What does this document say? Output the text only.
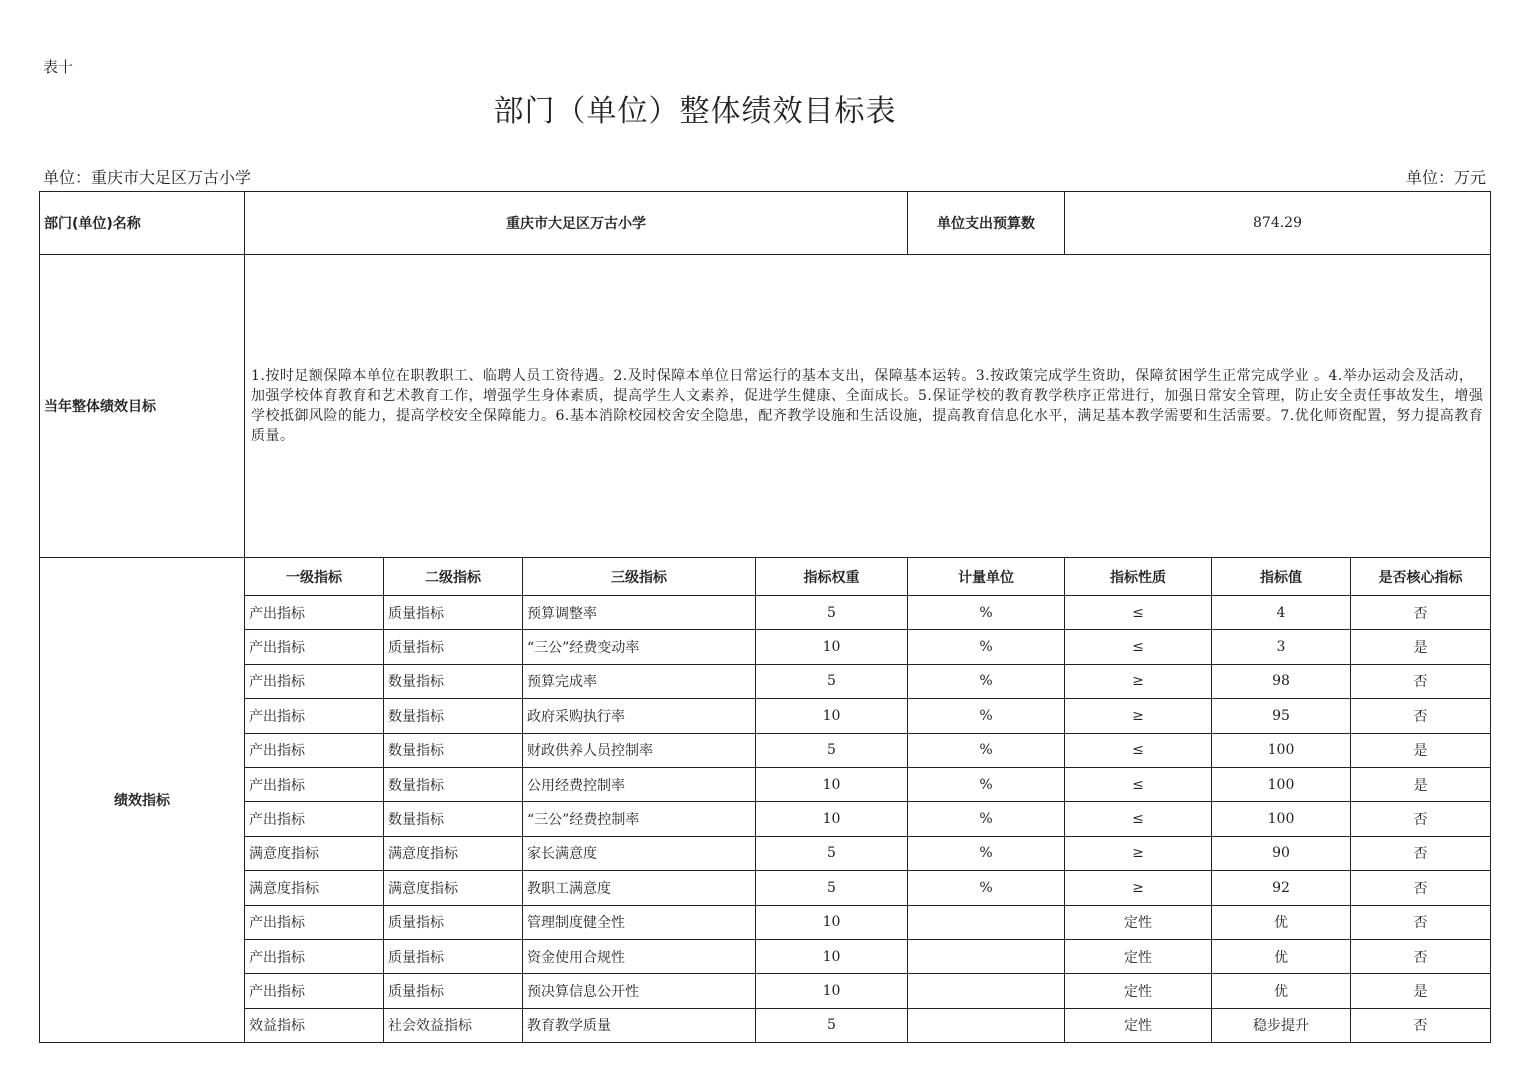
表十
部门（单位）整体绩效目标表
单位：重庆市大足区万古小学	单位：万元
部门(单位)名称	重庆市大足区万古小学				单位支出预算数	874.29		
当年整体绩效目标	1.按时足额保障本单位在职教职工、临聘人员工资待遇。2.及时保障本单位日常运行的基本支出，保障基本运转。3.按政策完成学生资助，保障贫困学生正常完成学业 。4.举办运动会及活动，加强学校体育教育和艺术教育工作，增强学生身体素质，提高学生人文素养，促进学生健康、全面成长。5.保证学校的教育教学秩序正常进行，加强日常安全管理，防止安全责任事故发生，增强学校抵御风险的能力，提高学校安全保障能力。6.基本消除校园校舍安全隐患，配齐教学设施和生活设施，提高教育信息化水平，满足基本教学需要和生活需要。7.优化师资配置，努力提高教育质量。							
绩效指标	一级指标	二级指标	三级指标	指标权重	计量单位	指标性质	指标值	是否核心指标
	产出指标	质量指标	预算调整率	5	%	≤	4	否
	产出指标	质量指标	“三公”经费变动率	10	%	≤	3	是
	产出指标	数量指标	预算完成率	5	%	≥	98	否
	产出指标	数量指标	政府采购执行率	10	%	≥	95	否
	产出指标	数量指标	财政供养人员控制率	5	%	≤	100	是
	产出指标	数量指标	公用经费控制率	10	%	≤	100	是
	产出指标	数量指标	“三公”经费控制率	10	%	≤	100	否
	满意度指标	满意度指标	家长满意度	5	%	≥	90	否
	满意度指标	满意度指标	教职工满意度	5	%	≥	92	否
	产出指标	质量指标	管理制度健全性	10		定性	优	否
	产出指标	质量指标	资金使用合规性	10		定性	优	否
	产出指标	质量指标	预决算信息公开性	10		定性	优	是
	效益指标	社会效益指标	教育教学质量	5		定性	稳步提升	否
